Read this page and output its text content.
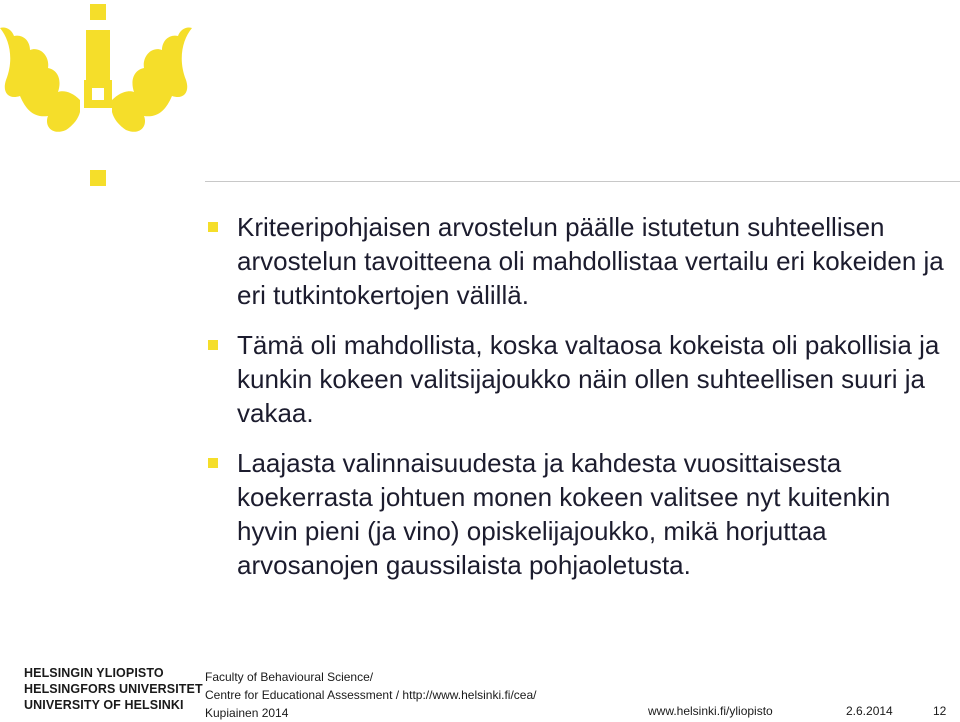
Kriteeripohjaisen arvostelun päälle istutetun suhteellisen arvostelun tavoitteena oli mahdollistaa vertailu eri kokeiden ja eri tutkintokertojen välillä.
Tämä oli mahdollista, koska valtaosa kokeista oli pakollisia ja kunkin kokeen valitsijajoukko näin ollen suhteellisen suuri ja vakaa.
Laajasta valinnaisuudesta ja kahdesta vuosittaisesta koekerrasta johtuen monen kokeen valitsee nyt kuitenkin hyvin pieni (ja vino) opiskelijajoukko, mikä horjuttaa arvosanojen gaussilaista pohjaoletusta.
HELSINGIN YLIOPISTO
HELSINGFORS UNIVERSITET
UNIVERSITY OF HELSINKI
Faculty of Behavioural Science/
Centre for Educational Assessment / http://www.helsinki.fi/cea/
Kupiainen 2014	www.helsinki.fi/yliopisto	2.6.2014	12
